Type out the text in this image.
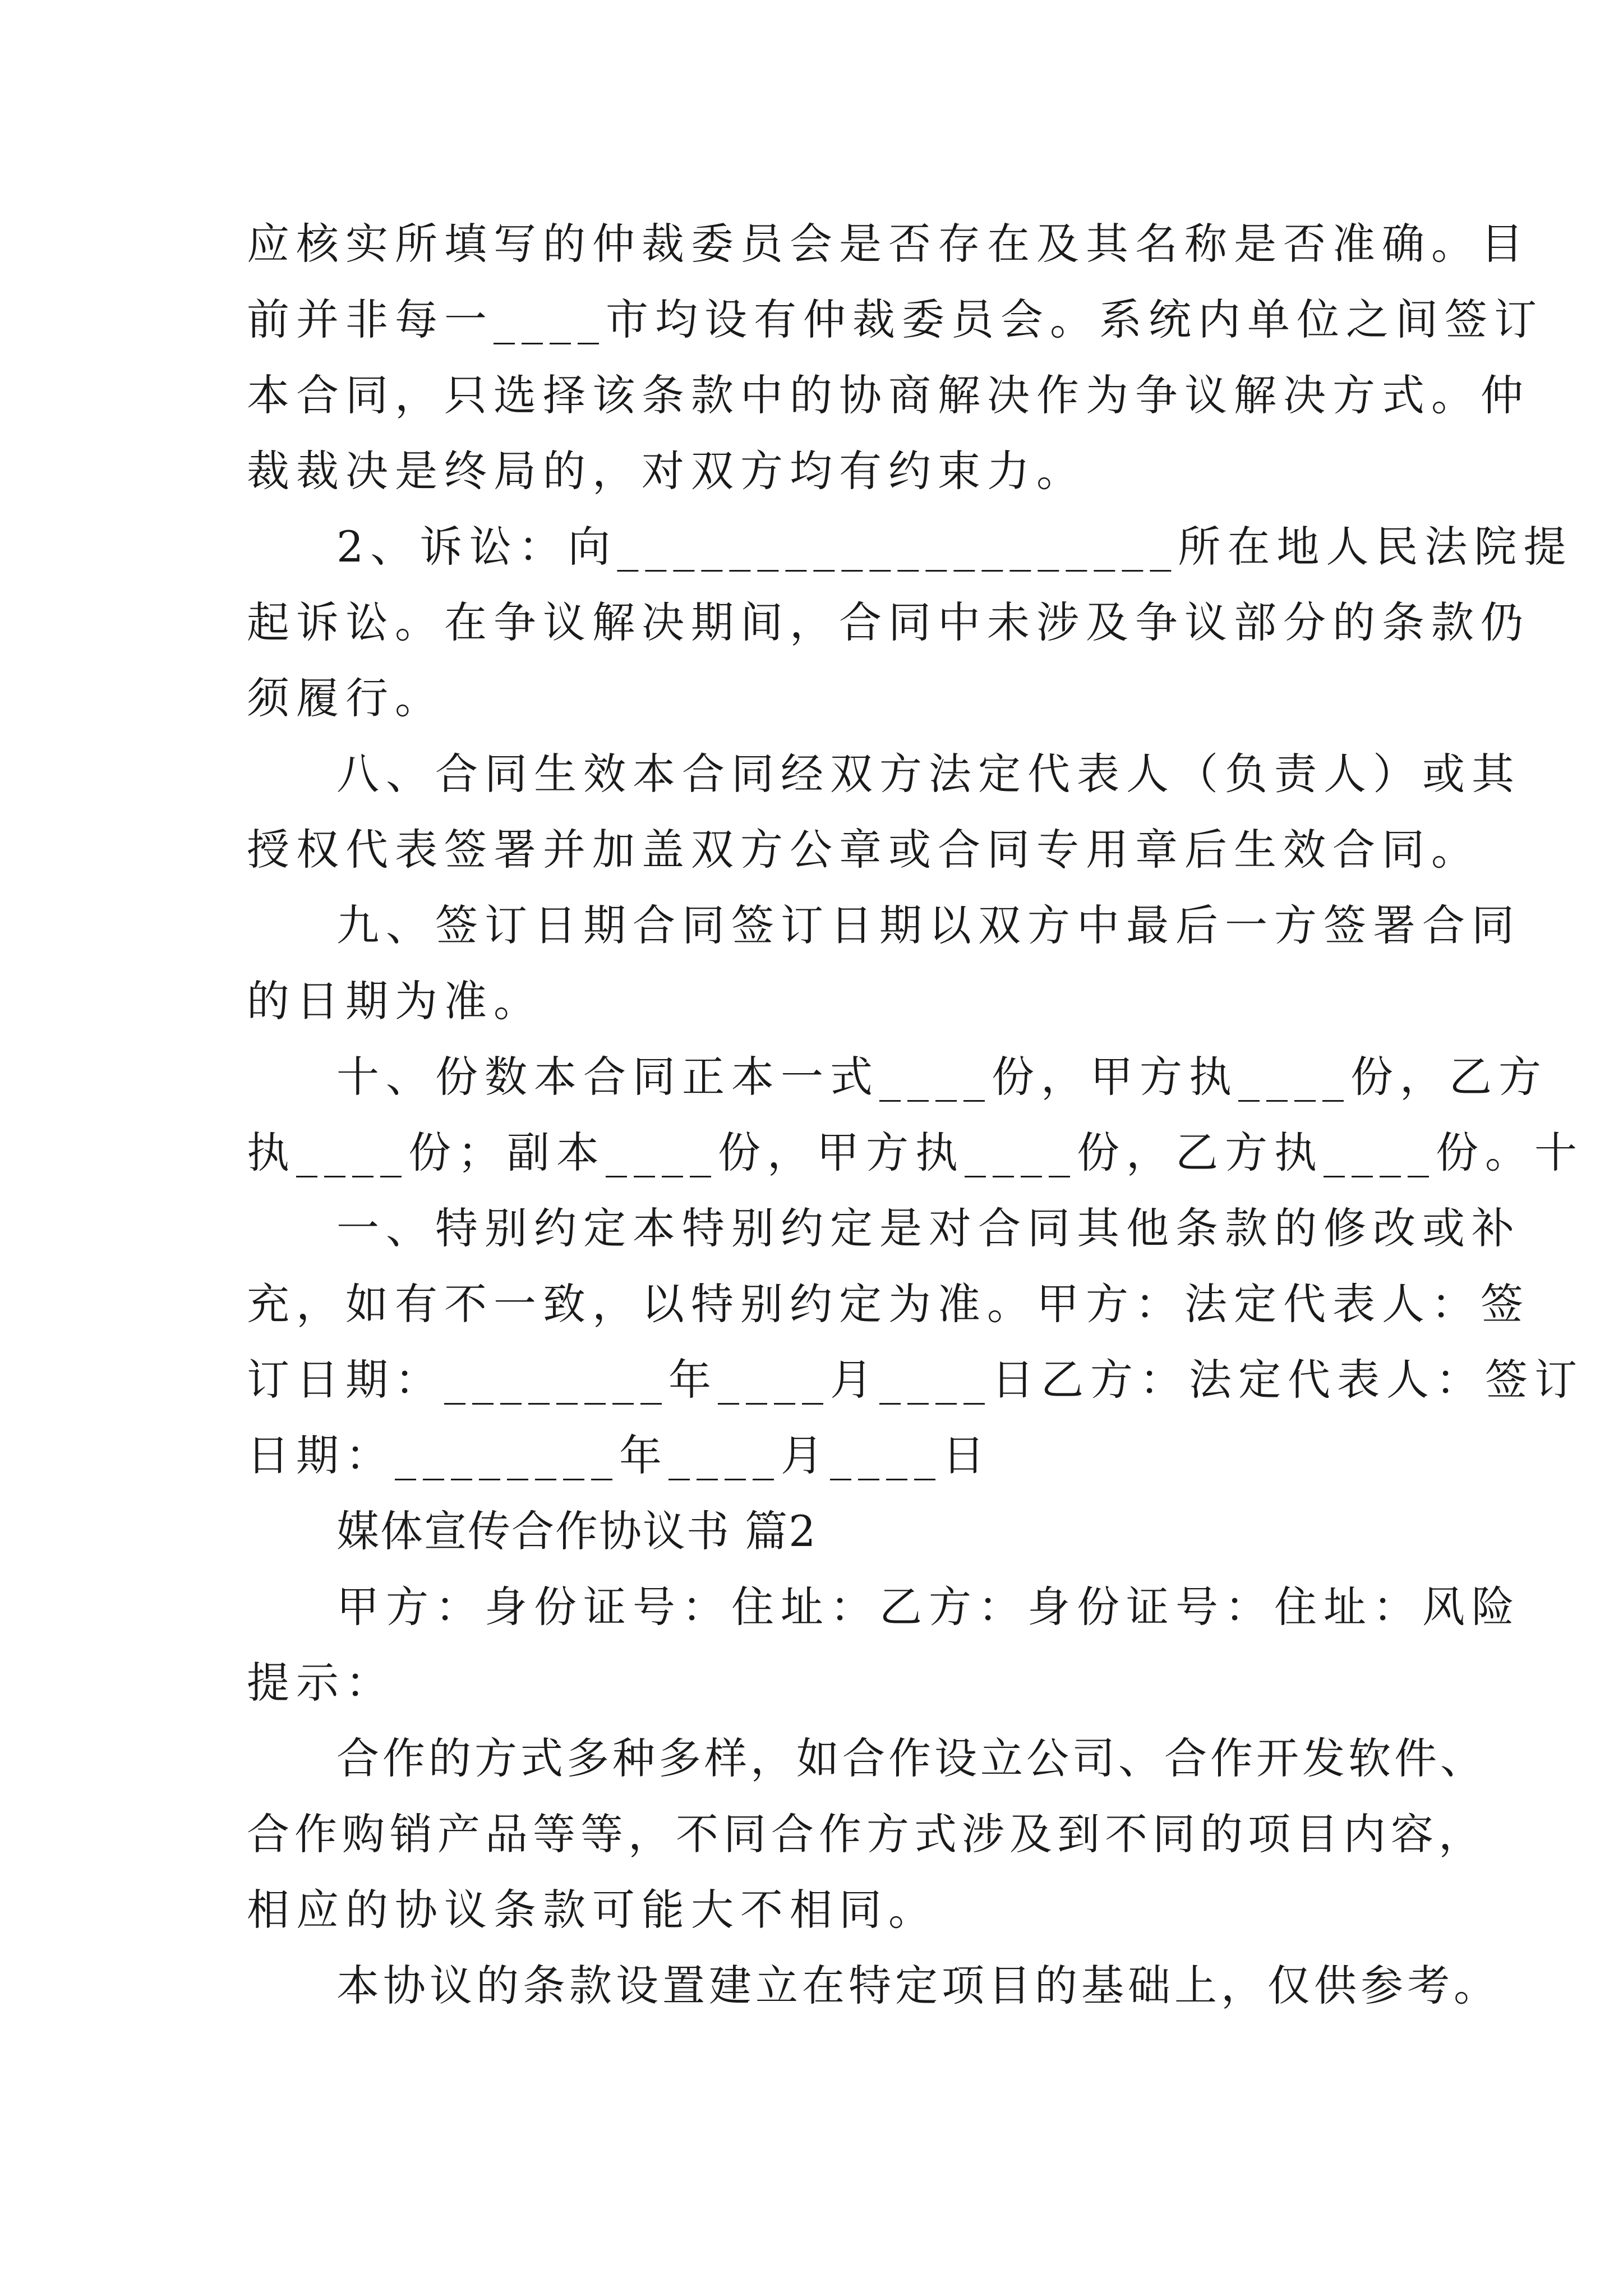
应核实所填写的仲裁委员会是否存在及其名称是否准确。目
前并非每一____市均设有仲裁委员会。系统内单位之间签订
本合同，只选择该条款中的协商解决作为争议解决方式。仲
裁裁决是终局的，对双方均有约束力。
2、诉讼：向____________________所在地人民法院提
起诉讼。在争议解决期间，合同中未涉及争议部分的条款仍
须履行。
八、合同生效本合同经双方法定代表人（负责人）或其
授权代表签署并加盖双方公章或合同专用章后生效合同。
九、签订日期合同签订日期以双方中最后一方签署合同
的日期为准。
十、份数本合同正本一式____份，甲方执____份，乙方
执____份；副本____份，甲方执____份，乙方执____份。十
一、特别约定本特别约定是对合同其他条款的修改或补
充，如有不一致，以特别约定为准。甲方：法定代表人：签
订日期：________年____月____日乙方：法定代表人：签订
日期：________年____月____日
媒体宣传合作协议书 篇2
甲方：身份证号：住址：乙方：身份证号：住址：风险
提示：
合作的方式多种多样，如合作设立公司、合作开发软件、
合作购销产品等等，不同合作方式涉及到不同的项目内容，
相应的协议条款可能大不相同。
本协议的条款设置建立在特定项目的基础上，仅供参考。
